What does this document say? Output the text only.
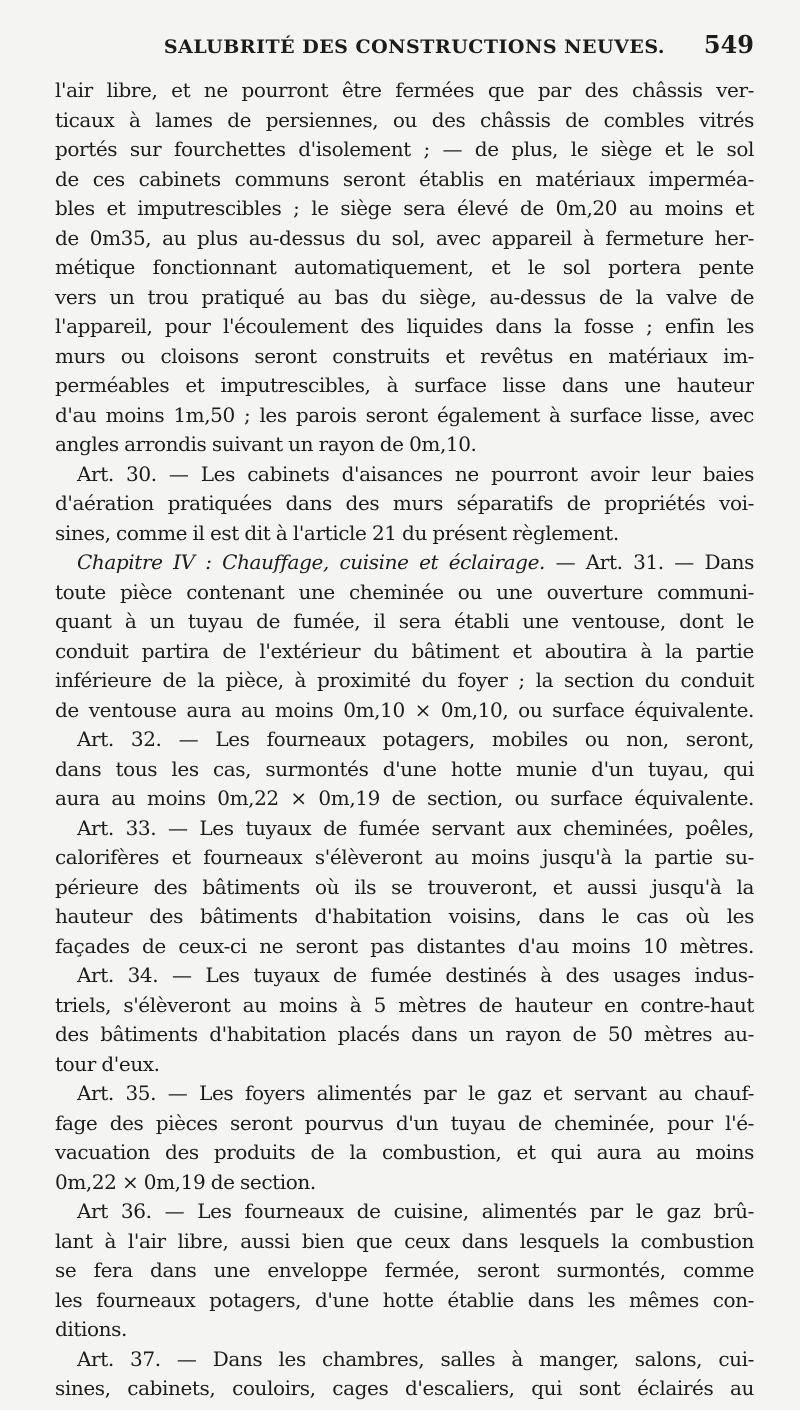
SALUBRITÉ DES CONSTRUCTIONS NEUVES.	549
l'air libre, et ne pourront être fermées que par des châssis ver-
ticaux à lames de persiennes, ou des châssis de combles vitrés
portés sur fourchettes d'isolement ; — de plus, le siège et le sol
de ces cabinets communs seront établis en matériaux imperméa-
bles et imputrescibles ; le siège sera élevé de 0m,20 au moins et
de 0m35, au plus au-dessus du sol, avec appareil à fermeture her-
métique fonctionnant automatiquement, et le sol portera pente
vers un trou pratiqué au bas du siège, au-dessus de la valve de
l'appareil, pour l'écoulement des liquides dans la fosse ; enfin les
murs ou cloisons seront construits et revêtus en matériaux im-
perméables et imputrescibles, à surface lisse dans une hauteur
d'au moins 1m,50 ; les parois seront également à surface lisse, avec
angles arrondis suivant un rayon de 0m,10.
Art. 30. — Les cabinets d'aisances ne pourront avoir leur baies
d'aération pratiquées dans des murs séparatifs de propriétés voi-
sines, comme il est dit à l'article 21 du présent règlement.
Chapitre IV : Chauffage, cuisine et éclairage. — Art. 31. — Dans
toute pièce contenant une cheminée ou une ouverture communi-
quant à un tuyau de fumée, il sera établi une ventouse, dont le
conduit partira de l'extérieur du bâtiment et aboutira à la partie
inférieure de la pièce, à proximité du foyer ; la section du conduit
de ventouse aura au moins 0m,10 × 0m,10, ou surface équivalente.
Art. 32. — Les fourneaux potagers, mobiles ou non, seront,
dans tous les cas, surmontés d'une hotte munie d'un tuyau, qui
aura au moins 0m,22 × 0m,19 de section, ou surface équivalente.
Art. 33. — Les tuyaux de fumée servant aux cheminées, poêles,
calorifères et fourneaux s'élèveront au moins jusqu'à la partie su-
périeure des bâtiments où ils se trouveront, et aussi jusqu'à la
hauteur des bâtiments d'habitation voisins, dans le cas où les
façades de ceux-ci ne seront pas distantes d'au moins 10 mètres.
Art. 34. — Les tuyaux de fumée destinés à des usages indus-
triels, s'élèveront au moins à 5 mètres de hauteur en contre-haut
des bâtiments d'habitation placés dans un rayon de 50 mètres au-
tour d'eux.
Art. 35. — Les foyers alimentés par le gaz et servant au chauf-
fage des pièces seront pourvus d'un tuyau de cheminée, pour l'é-
vacuation des produits de la combustion, et qui aura au moins
0m,22 × 0m,19 de section.
Art 36. — Les fourneaux de cuisine, alimentés par le gaz brû-
lant à l'air libre, aussi bien que ceux dans lesquels la combustion
se fera dans une enveloppe fermée, seront surmontés, comme
les fourneaux potagers, d'une hotte établie dans les mêmes con-
ditions.
Art. 37. — Dans les chambres, salles à manger, salons, cui-
sines, cabinets, couloirs, cages d'escaliers, qui sont éclairés au
